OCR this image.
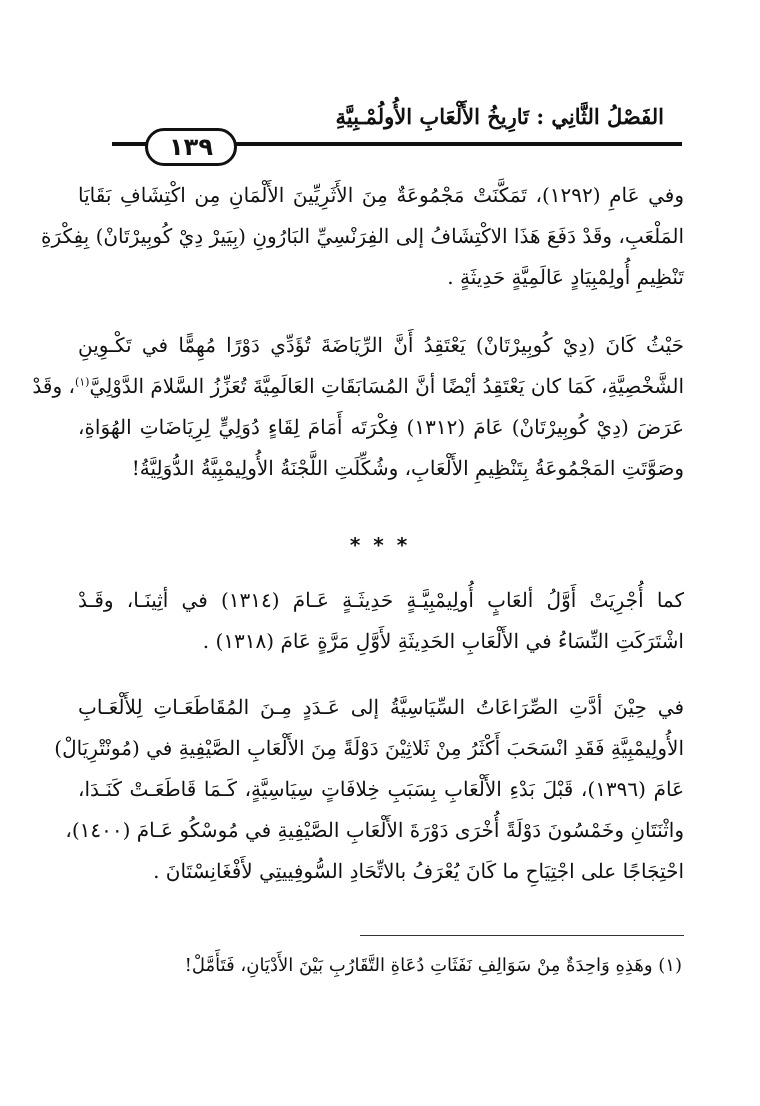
الفَصْلُ الثَّانِي : تَارِيخُ الأَلْعَابِ الأُولُمْـبِيَّةِ
١٣٩
وفي عَامِ (١٢٩٢)، تَمَكَّنَتْ مَجْمُوعَةٌ مِنَ الأَثَرِيِّينَ الأَلْمَانِ مِن اكْتِشَافِ بَقَايَا
المَلْعَبِ، وقَدْ دَفَعَ هَذَا الاكْتِشَافُ إلى الفِرَنْسِيِّ البَارُونِ (بِيَيرْ دِيْ كُوبِيرْتَانْ) بِفِكْرَةِ
تَنْظِيمِ أُولِمْبِيَادٍ عَالَمِيَّةٍ حَدِيثَةٍ .
حَيْثُ كَانَ (دِيْ كُوبِيرْتَانْ) يَعْتَقِدُ أَنَّ الرِّيَاضَةَ تُؤَدِّي دَوْرًا مُهِمًّا في تَكْـوِينِ
الشَّخْصِيَّةِ، كَمَا كان يَعْتَقِدُ أيْضًا أنَّ المُسَابَقَاتِ العَالَمِيَّةَ تُعَزِّزُ السَّلامَ الدَّوْلِيَّ$^{(١)}$، وقَدْ
عَرَضَ (دِيْ كُوبِيرْتَانْ) عَامَ (١٣١٢) فِكْرَتَه أَمَامَ لِقَاءٍ دُوَلِيٍّ لِرِيَاضَاتِ الهُوَاةِ،
وصَوَّتَتِ المَجْمُوعَةُ بِتَنْظِيمِ الأَلْعَابِ، وشُكِّلَتِ اللَّجْنَةُ الأُولِيمْبِيَّةُ الدُّوَلِيَّةُ!
* * *
كما أُجْرِيَتْ أَوَّلُ ألعَابٍ أُولِيمْبِيَّـةٍ حَدِيثَـةٍ عَـامَ (١٣١٤) في أثِينَـا، وقَـدْ
اشْتَرَكَتِ النِّسَاءُ في الأَلْعَابِ الحَدِيثَةِ لأَوَّلِ مَرَّةٍ عَامَ (١٣١٨) .
في حِيْنَ أدَّتِ الصِّرَاعَاتُ السِّيَاسِيَّةُ إلى عَـدَدٍ مِـنَ المُقَاطَعَـاتِ لِلأَلْعَـابِ
الأُولِيمْبِيَّةِ فَقَدِ انْسَحَبَ أَكْثَرُ مِنْ ثَلاثِيْنَ دَوْلَةً مِنَ الأَلْعَابِ الصَّيْفِيةِ في (مُونْتْرِيَالْ)
عَامَ (١٣٩٦)، قَبْلَ بَدْءِ الأَلْعَابِ بِسَبَبِ خِلافَاتٍ سِيَاسِيَّةٍ، كَـمَا قَاطَعَـتْ كَنَـدَا،
واثْنَتَانِ وخَمْسُونَ دَوْلَةً أُخْرَى دَوْرَةَ الأَلْعَابِ الصَّيْفِيةِ في مُوسْكُو عَـامَ (١٤٠٠)،
احْتِجَاجًا على اجْتِيَاحِ ما كَانَ يُعْرَفُ بالاتِّحَادِ السُّوفِييتِي لأَفْغَانِسْتَانَ .
(١) وهَذِهِ وَاحِدَةٌ مِنْ سَوَالِفِ نَفَثَاتِ دُعَاةِ التَّقَارُبِ بَيْنَ الأَدْيَانِ، فَتَأَمَّلْ!
